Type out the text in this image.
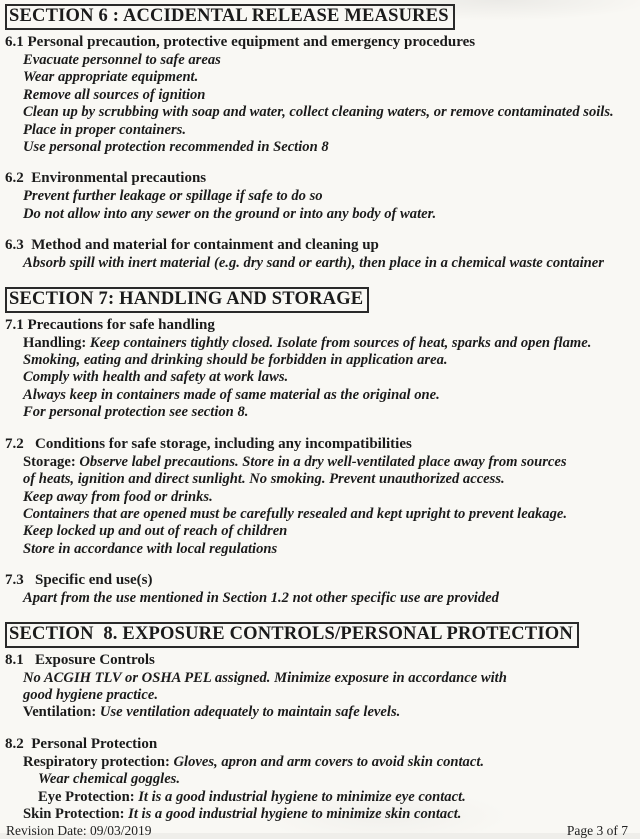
SECTION 6 : ACCIDENTAL RELEASE MEASURES
6.1 Personal precaution, protective equipment and emergency procedures
Evacuate personnel to safe areas
Wear appropriate equipment.
Remove all sources of ignition
Clean up by scrubbing with soap and water, collect cleaning waters, or remove contaminated soils.
Place in proper containers.
Use personal protection recommended in Section 8
6.2  Environmental precautions
Prevent further leakage or spillage if safe to do so
Do not allow into any sewer on the ground or into any body of water.
6.3  Method and material for containment and cleaning up
Absorb spill with inert material (e.g. dry sand or earth), then place in a chemical waste container
SECTION 7: HANDLING AND STORAGE
7.1 Precautions for safe handling
Handling: Keep containers tightly closed. Isolate from sources of heat, sparks and open flame.
Smoking, eating and drinking should be forbidden in application area.
Comply with health and safety at work laws.
Always keep in containers made of same material as the original one.
For personal protection see section 8.
7.2   Conditions for safe storage, including any incompatibilities
Storage: Observe label precautions. Store in a dry well-ventilated place away from sources
of heats, ignition and direct sunlight. No smoking. Prevent unauthorized access.
Keep away from food or drinks.
Containers that are opened must be carefully resealed and kept upright to prevent leakage.
Keep locked up and out of reach of children
Store in accordance with local regulations
7.3   Specific end use(s)
Apart from the use mentioned in Section 1.2 not other specific use are provided
SECTION  8. EXPOSURE CONTROLS/PERSONAL PROTECTION
8.1   Exposure Controls
No ACGIH TLV or OSHA PEL assigned. Minimize exposure in accordance with
good hygiene practice.
Ventilation: Use ventilation adequately to maintain safe levels.
8.2  Personal Protection
Respiratory protection: Gloves, apron and arm covers to avoid skin contact.
Wear chemical goggles.
Eye Protection: It is a good industrial hygiene to minimize eye contact.
Skin Protection: It is a good industrial hygiene to minimize skin contact.
Revision Date: 09/03/2019	Page 3 of 7
